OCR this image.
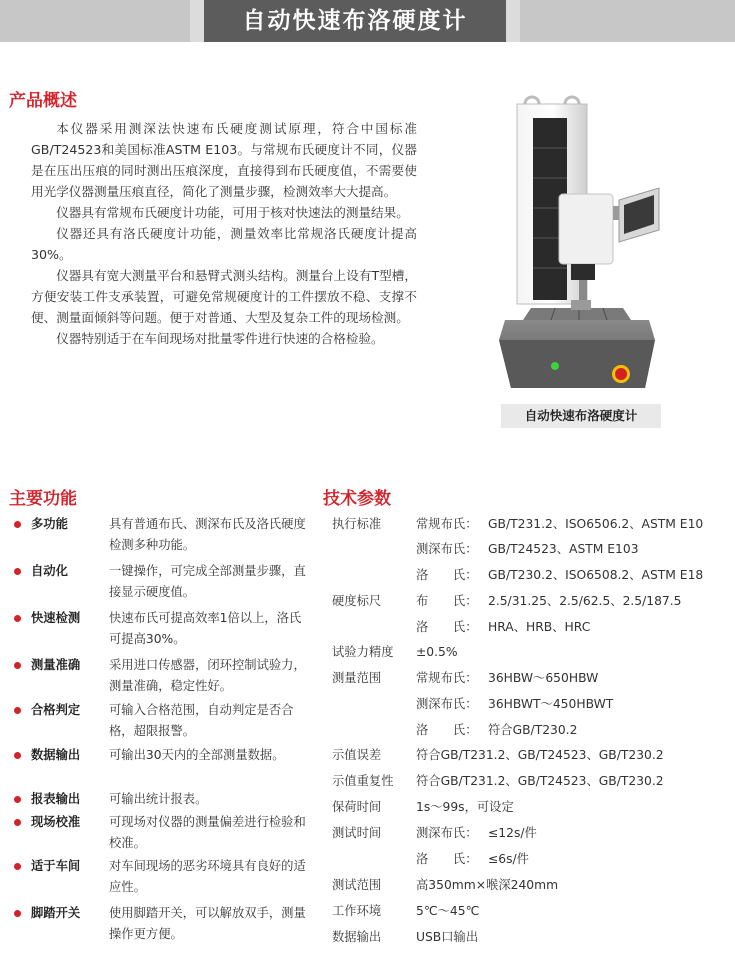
自动快速布洛硬度计
产品概述

本仪器采用测深法快速布氏硬度测试原理，符合中国标准GB/T24523和美国标准ASTM E103。与常规布氏硬度计不同，仪器是在压出压痕的同时测出压痕深度，直接得到布氏硬度值，不需要使用光学仪器测量压痕直径，简化了测量步骤，检测效率大大提高。

仪器具有常规布氏硬度计功能，可用于核对快速法的测量结果。

仪器还具有洛氏硬度计功能，测量效率比常规洛氏硬度计提高30%。

仪器具有宽大测量平台和悬臂式测头结构。测量台上设有T型槽，方便安装工件支承装置，可避免常规硬度计的工件摆放不稳、支撑不便、测量面倾斜等问题。便于对普通、大型及复杂工件的现场检测。

仪器特别适于在车间现场对批量零件进行快速的合格检验。

自动快速布洛硬度计
主要功能
多功能	具有普通布氏、测深布氏及洛氏硬度检测多种功能。
自动化	一键操作，可完成全部测量步骤，直接显示硬度值。
快速检测 快速布氏可提高效率1倍以上，洛氏可提高30%。
测量准确 采用进口传感器，闭环控制试验力，测量准确，稳定性好。
合格判定 可输入合格范围，自动判定是否合格，超限报警。
数据输出 可输出30天内的全部测量数据。
报表输出 可输出统计报表。
现场校准 可现场对仪器的测量偏差进行检验和校准。
适于车间 对车间现场的恶劣环境具有良好的适应性。
脚踏开关 使用脚踏开关，可以解放双手，测量操作更方便。
技术参数
执行标准	常规布氏： GB/T231.2、ISO6506.2、ASTM E10
测深布氏： GB/T24523、ASTM E103
洛　　氏： GB/T230.2、ISO6508.2、ASTM E18
硬度标尺	布　　氏： 2.5/31.25、2.5/62.5、2.5/187.5
洛　　氏： HRA、HRB、HRC
试验力精度 ±0.5%
测量范围	常规布氏： 36HBW～650HBW
测深布氏： 36HBWT～450HBWT
洛　　氏： 符合GB/T230.2
示值误差	符合GB/T231.2、GB/T24523、GB/T230.2
示值重复性 符合GB/T231.2、GB/T24523、GB/T230.2
保荷时间	1s～99s，可设定
测试时间	测深布氏： ≤12s/件
洛　　氏： ≤6s/件
测试范围	高350mm×喉深240mm
工作环境	5℃～45℃
数据输出	USB口输出
